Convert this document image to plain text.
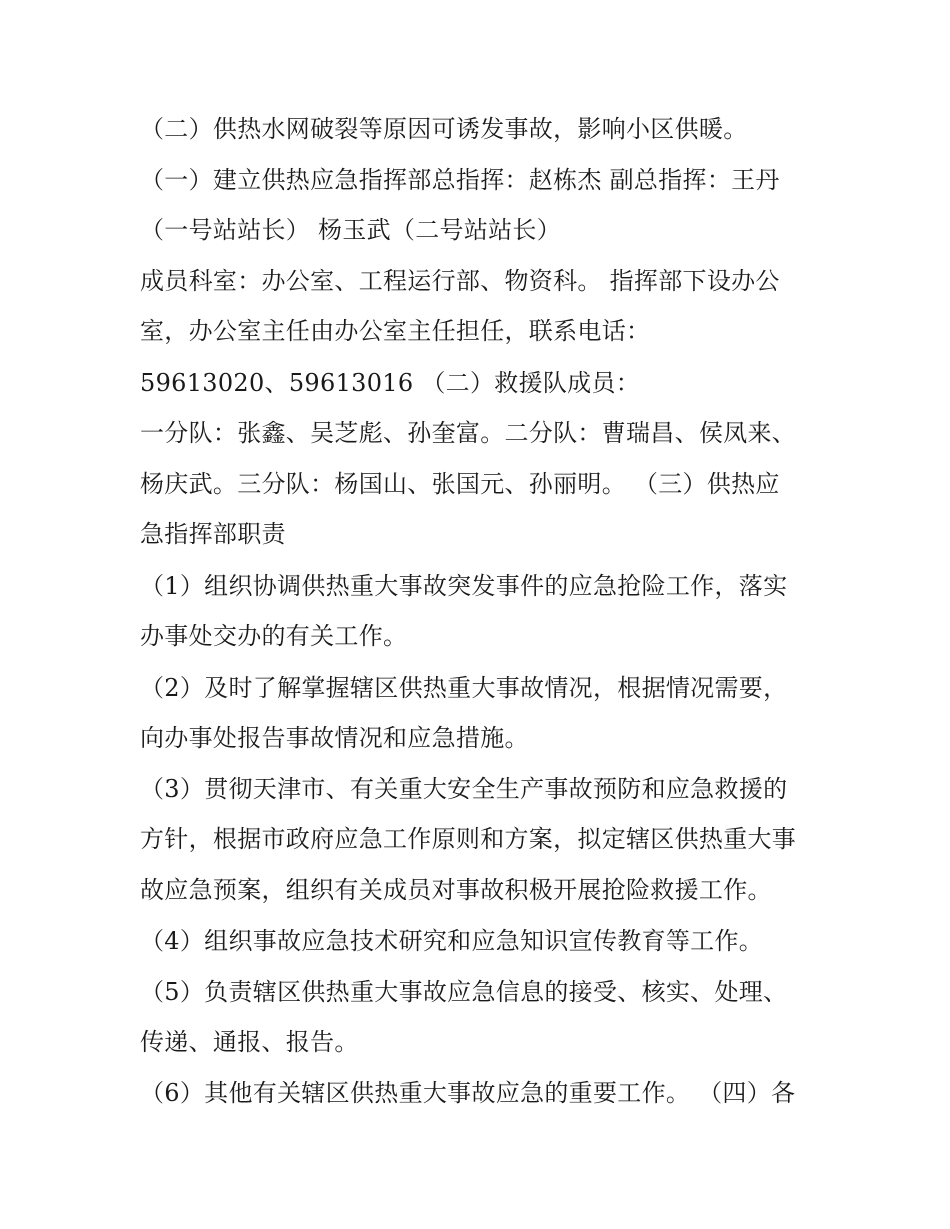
（二）供热水网破裂等原因可诱发事故，影响小区供暖。
（一）建立供热应急指挥部总指挥：赵栋杰 副总指挥：王丹
（一号站站长） 杨玉武（二号站站长）
成员科室：办公室、工程运行部、物资科。 指挥部下设办公
室，办公室主任由办公室主任担任，联系电话：
59613020、59613016 （二）救援队成员：
一分队：张鑫、吴芝彪、孙奎富。二分队：曹瑞昌、侯凤来、
杨庆武。三分队：杨国山、张国元、孙丽明。 （三）供热应
急指挥部职责
（1）组织协调供热重大事故突发事件的应急抢险工作，落实
办事处交办的有关工作。
（2）及时了解掌握辖区供热重大事故情况，根据情况需要，
向办事处报告事故情况和应急措施。
（3）贯彻天津市、有关重大安全生产事故预防和应急救援的
方针，根据市政府应急工作原则和方案，拟定辖区供热重大事
故应急预案，组织有关成员对事故积极开展抢险救援工作。
（4）组织事故应急技术研究和应急知识宣传教育等工作。
（5）负责辖区供热重大事故应急信息的接受、核实、处理、
传递、通报、报告。
（6）其他有关辖区供热重大事故应急的重要工作。 （四）各
